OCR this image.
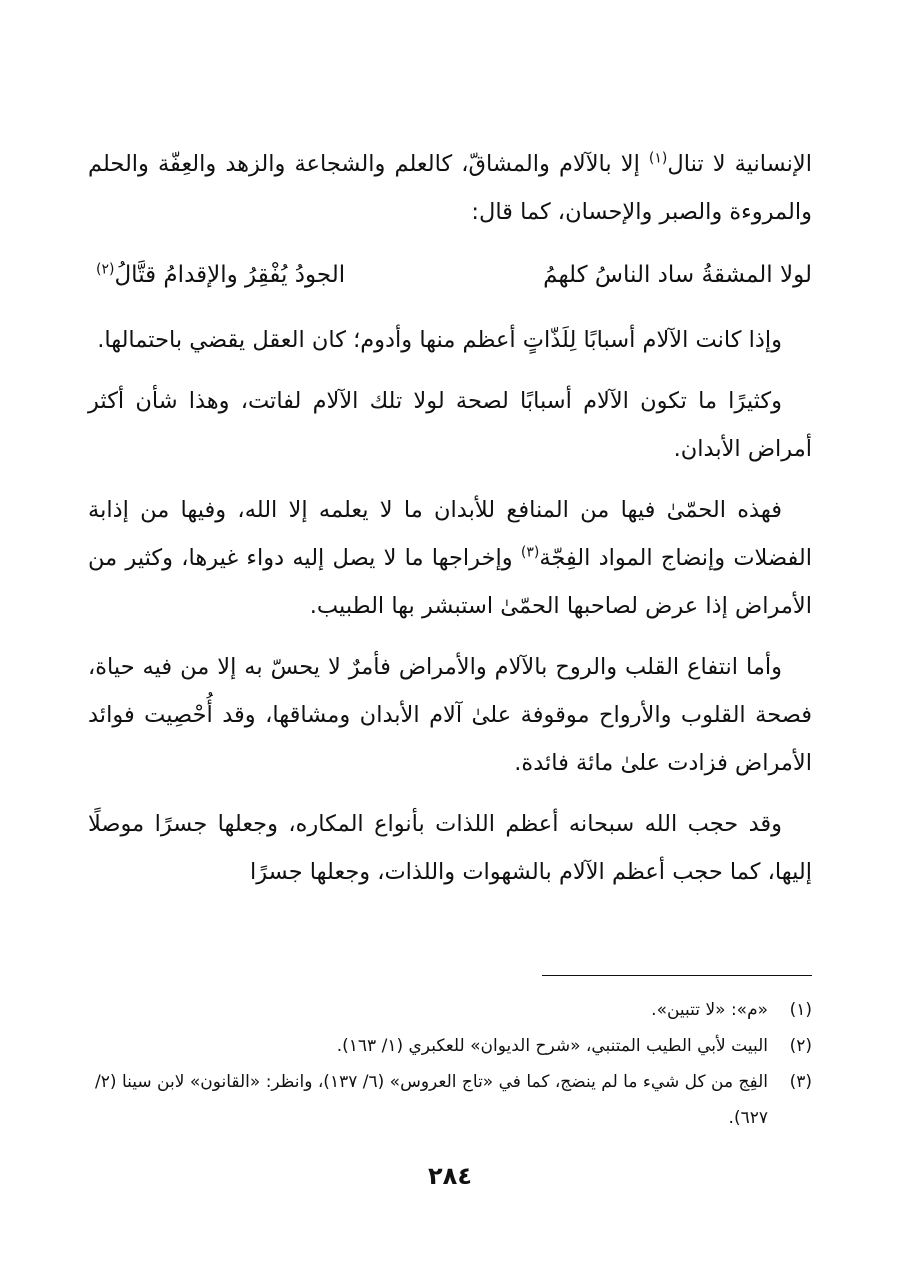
الإنسانية لا تنال$^{(١)}$ إلا بالآلام والمشاقّ، كالعلم والشجاعة والزهد والعِفّة والحلم والمروءة والصبر والإحسان، كما قال:

لولا المشقةُ ساد الناسُ كلهمُ
الجودُ يُفْقِرُ والإقدامُ قتَّالُ$^{(٢)}$

وإذا كانت الآلام أسبابًا لِلَذّاتٍ أعظم منها وأدوم؛ كان العقل يقضي باحتمالها.

وكثيرًا ما تكون الآلام أسبابًا لصحة لولا تلك الآلام لفاتت، وهذا شأن أكثر أمراض الأبدان.

فهذه الحمّىٰ فيها من المنافع للأبدان ما لا يعلمه إلا الله، وفيها من إذابة الفضلات وإنضاج المواد الفِجّة$^{(٣)}$ وإخراجها ما لا يصل إليه دواء غيرها، وكثير من الأمراض إذا عرض لصاحبها الحمّىٰ استبشر بها الطبيب.

وأما انتفاع القلب والروح بالآلام والأمراض فأمرٌ لا يحسّ به إلا من فيه حياة، فصحة القلوب والأرواح موقوفة علىٰ آلام الأبدان ومشاقها، وقد أُحْصِيت فوائد الأمراض فزادت علىٰ مائة فائدة.

وقد حجب الله سبحانه أعظم اللذات بأنواع المكاره، وجعلها جسرًا موصلًا إليها، كما حجب أعظم الآلام بالشهوات واللذات، وجعلها جسرًا

(١)
«م»: «لا تتبين».
(٢)
البيت لأبي الطيب المتنبي، «شرح الديوان» للعكبري (١/ ١٦٣).
(٣)
الفِج من كل شيء ما لم ينضج، كما في «تاج العروس» (٦/ ١٣٧)، وانظر: «القانون» لابن سينا (٢/ ٦٢٧).
٢٨٤
